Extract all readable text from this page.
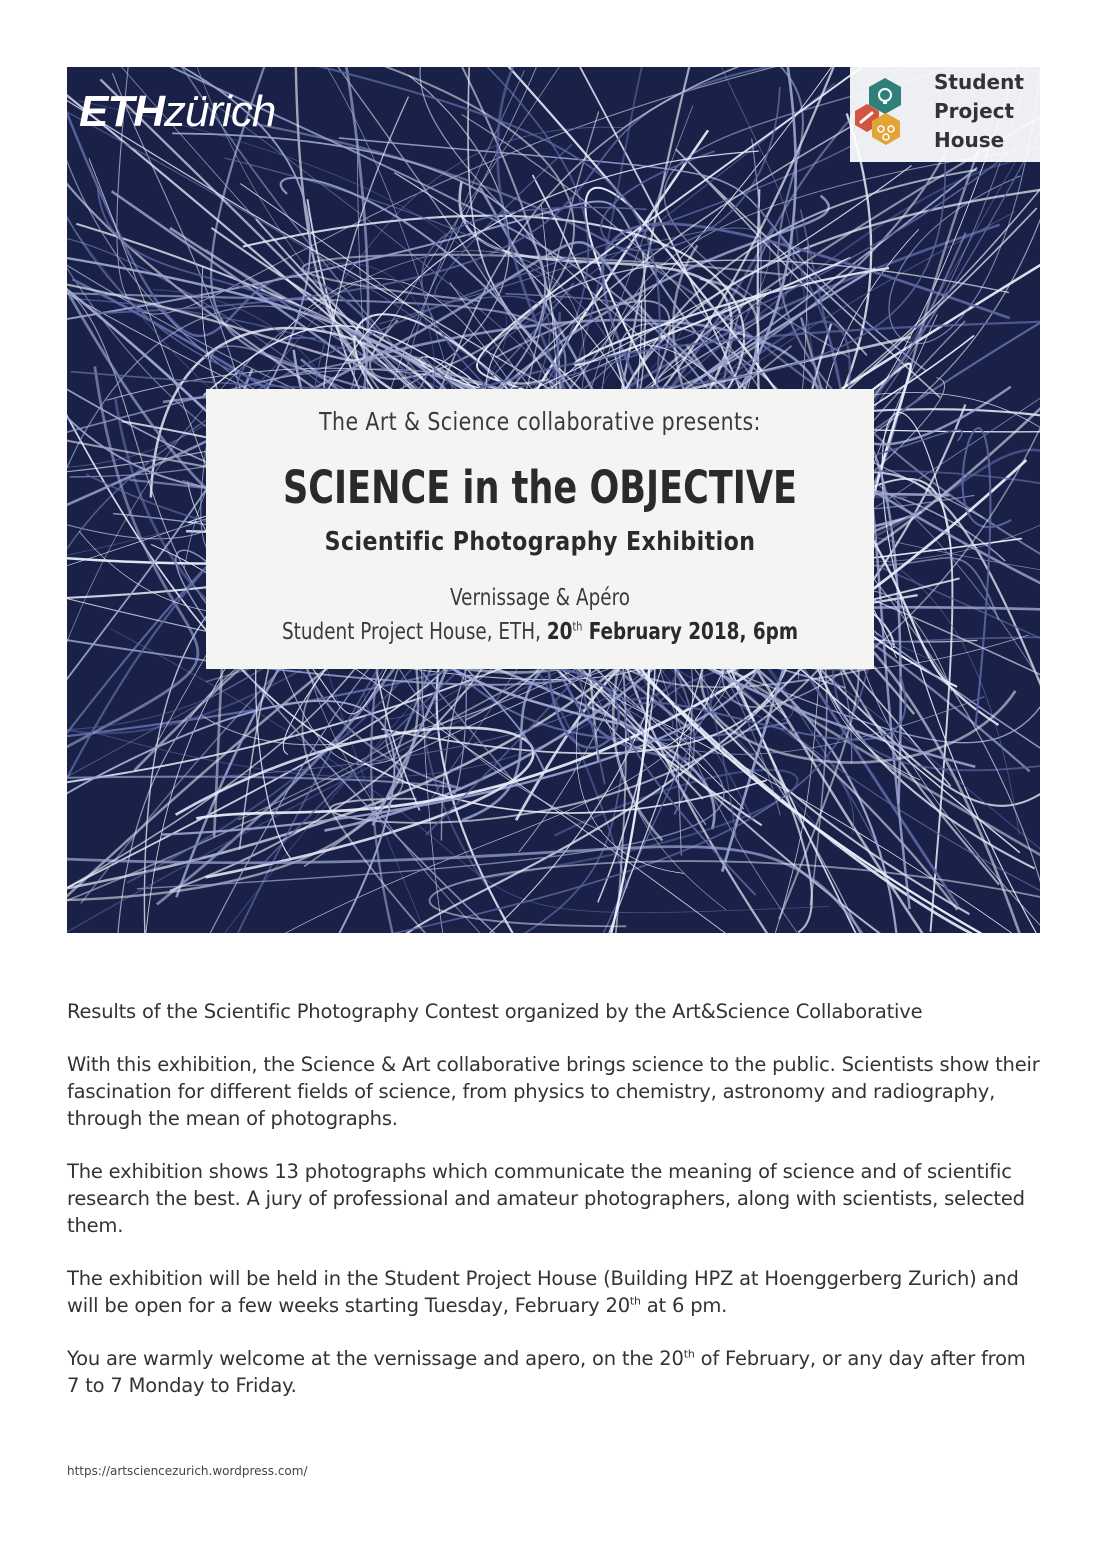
ETHzürich
Student
Project
House
The Art & Science collaborative presents:
SCIENCE in the OBJECTIVE
Scientific Photography Exhibition
Vernissage & Apéro
Student Project House, ETH, 20th February 2018, 6pm

Results of the Scientific Photography Contest organized by the Art&Science Collaborative

With this exhibition, the Science & Art collaborative brings science to the public. Scientists show their fascination for different fields of science, from physics to chemistry, astronomy and radiography, through the mean of photographs.

The exhibition shows 13 photographs which communicate the meaning of science and of scientific research the best. A jury of professional and amateur photographers, along with scientists, selected them.

The exhibition will be held in the Student Project House (Building HPZ at Hoenggerberg Zurich) and will be open for a few weeks starting Tuesday, February 20th at 6 pm.

You are warmly welcome at the vernissage and apero, on the 20th of February, or any day after from 7 to 7 Monday to Friday.

https://artsciencezurich.wordpress.com/
